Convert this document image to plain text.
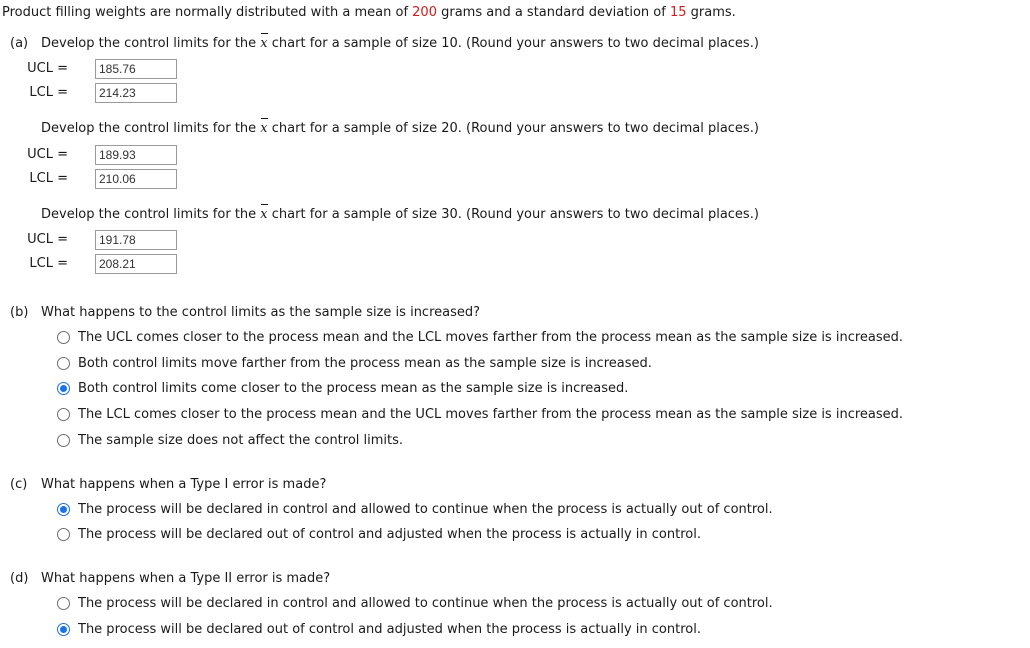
Product filling weights are normally distributed with a mean of 200 grams and a standard deviation of 15 grams.
(a) Develop the control limits for the x chart for a sample of size 10. (Round your answers to two decimal places.)
UCL =	185.76
LCL =	214.23
Develop the control limits for the x chart for a sample of size 20. (Round your answers to two decimal places.)
UCL =	189.93
LCL =	210.06
Develop the control limits for the x chart for a sample of size 30. (Round your answers to two decimal places.)
UCL =	191.78
LCL =	208.21
(b) What happens to the control limits as the sample size is increased?
The UCL comes closer to the process mean and the LCL moves farther from the process mean as the sample size is increased.
Both control limits move farther from the process mean as the sample size is increased.
Both control limits come closer to the process mean as the sample size is increased.
The LCL comes closer to the process mean and the UCL moves farther from the process mean as the sample size is increased.
The sample size does not affect the control limits.
(c) What happens when a Type I error is made?
The process will be declared in control and allowed to continue when the process is actually out of control.
The process will be declared out of control and adjusted when the process is actually in control.
(d) What happens when a Type II error is made?
The process will be declared in control and allowed to continue when the process is actually out of control.
The process will be declared out of control and adjusted when the process is actually in control.
